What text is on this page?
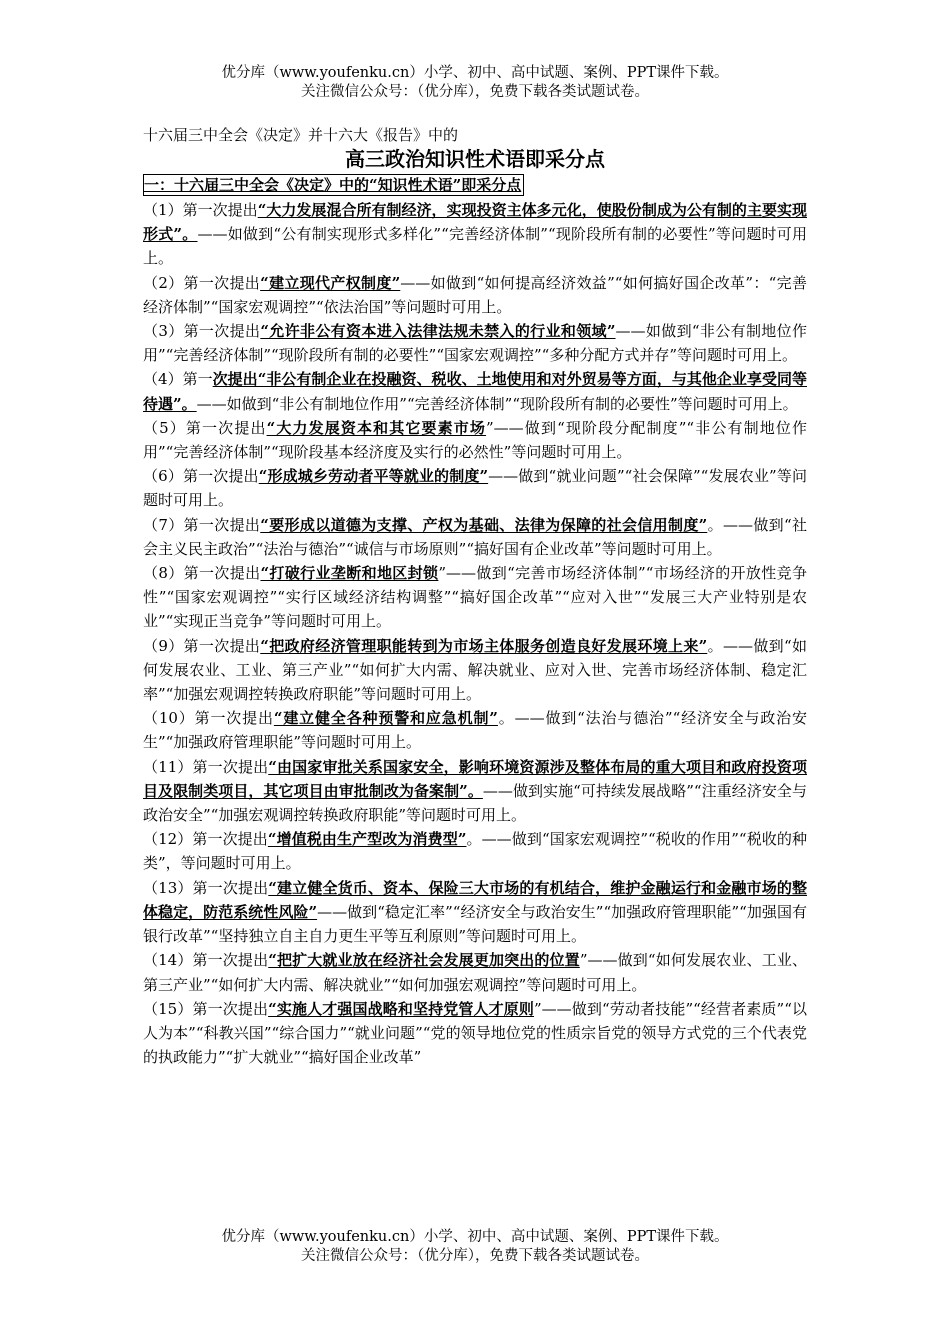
优分库（www.youfenku.cn）小学、初中、高中试题、案例、PPT课件下载。
关注微信公众号：（优分库），免费下载各类试题试卷。

十六届三中全会《决定》并十六大《报告》中的

高三政治知识性术语即采分点
一：十六届三中全会《决定》中的“知识性术语”即采分点

（1）第一次提出“大力发展混合所有制经济，实现投资主体多元化，使股份制成为公有制的主要实现形式”。——如做到“公有制实现形式多样化”“完善经济体制”“现阶段所有制的必要性”等问题时可用上。

（2）第一次提出“建立现代产权制度”——如做到“如何提高经济效益”“如何搞好国企改革”：“完善经济体制”“国家宏观调控”“依法治国”等问题时可用上。

（3）第一次提出“允许非公有资本进入法律法规未禁入的行业和领域”——如做到“非公有制地位作用”“完善经济体制”“现阶段所有制的必要性”“国家宏观调控”“多种分配方式并存”等问题时可用上。

（4）第一次提出“非公有制企业在投融资、税收、土地使用和对外贸易等方面，与其他企业享受同等待遇”。——如做到“非公有制地位作用”“完善经济体制”“现阶段所有制的必要性”等问题时可用上。

（5）第一次提出“大力发展资本和其它要素市场”——做到“现阶段分配制度”“非公有制地位作用”“完善经济体制”“现阶段基本经济度及实行的必然性”等问题时可用上。

（6）第一次提出“形成城乡劳动者平等就业的制度”——做到“就业问题”“社会保障”“发展农业”等问题时可用上。

（7）第一次提出“要形成以道德为支撑、产权为基础、法律为保障的社会信用制度”。——做到“社会主义民主政治”“法治与德治”“诚信与市场原则”“搞好国有企业改革”等问题时可用上。

（8）第一次提出“打破行业垄断和地区封锁”——做到“完善市场经济体制”“市场经济的开放性竞争性”“国家宏观调控”“实行区域经济结构调整”“搞好国企改革”“应对入世”“发展三大产业特别是农业”“实现正当竞争”等问题时可用上。

（9）第一次提出“把政府经济管理职能转到为市场主体服务创造良好发展环境上来”。——做到“如何发展农业、工业、第三产业”“如何扩大内需、解决就业、应对入世、完善市场经济体制、稳定汇率”“加强宏观调控转换政府职能”等问题时可用上。

（10）第一次提出“建立健全各种预警和应急机制”。——做到“法治与德治”“经济安全与政治安生”“加强政府管理职能”等问题时可用上。

（11）第一次提出“由国家审批关系国家安全，影响环境资源涉及整体布局的重大项目和政府投资项目及限制类项目，其它项目由审批制改为备案制”。——做到实施“可持续发展战略”“注重经济安全与政治安全”“加强宏观调控转换政府职能”等问题时可用上。

（12）第一次提出“增值税由生产型改为消费型”。——做到“国家宏观调控”“税收的作用”“税收的种类”，等问题时可用上。

（13）第一次提出“建立健全货币、资本、保险三大市场的有机结合，维护金融运行和金融市场的整体稳定，防范系统性风险”——做到“稳定汇率”“经济安全与政治安生”“加强政府管理职能”“加强国有银行改革”“坚持独立自主自力更生平等互利原则”等问题时可用上。

（14）第一次提出“把扩大就业放在经济社会发展更加突出的位置”——做到“如何发展农业、工业、第三产业”“如何扩大内需、解决就业”“如何加强宏观调控”等问题时可用上。

（15）第一次提出“实施人才强国战略和坚持党管人才原则”——做到“劳动者技能”“经营者素质”“以人为本”“科教兴国”“综合国力”“就业问题”“党的领导地位党的性质宗旨党的领导方式党的三个代表党的执政能力”“扩大就业”“搞好国企业改革”

优分库（www.youfenku.cn）小学、初中、高中试题、案例、PPT课件下载。
关注微信公众号：（优分库），免费下载各类试题试卷。
